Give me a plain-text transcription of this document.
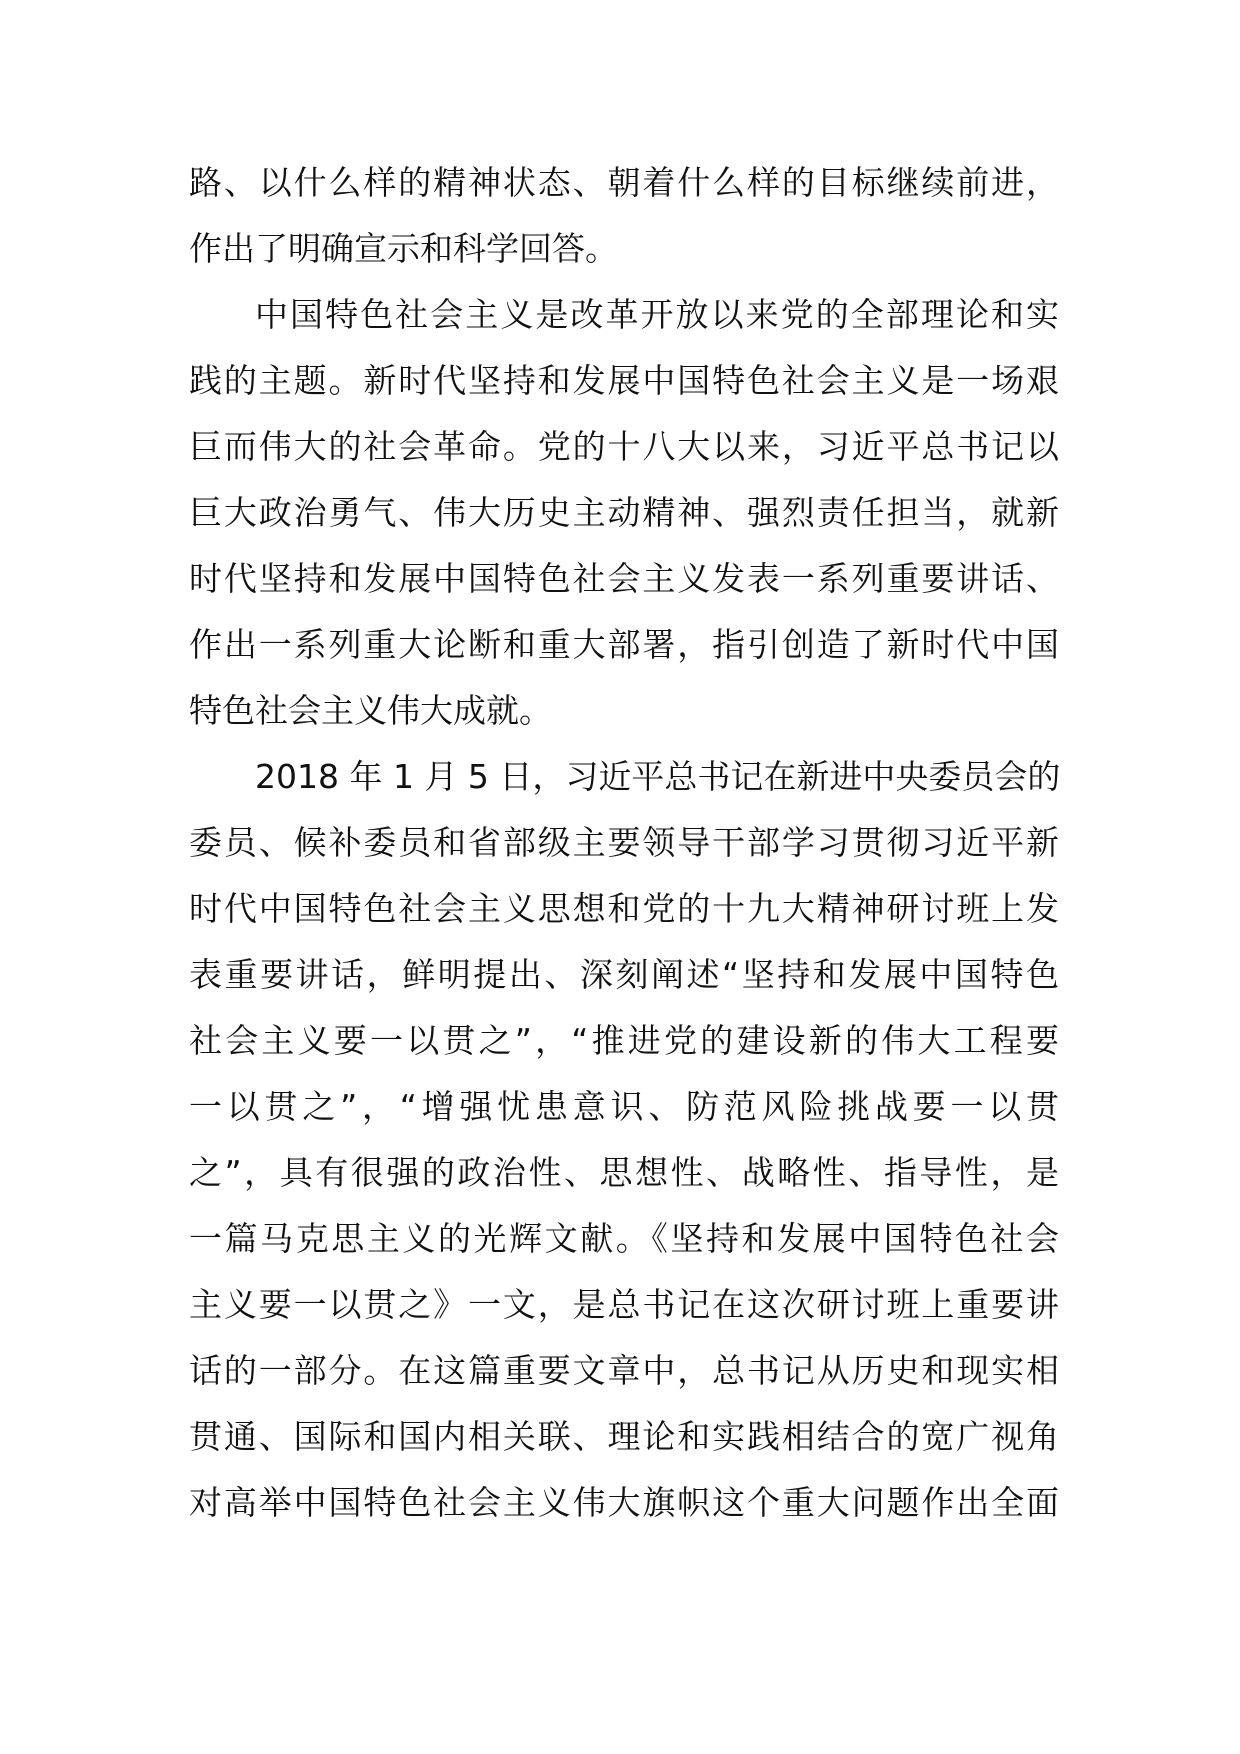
路、以什么样的精神状态、朝着什么样的目标继续前进，
作出了明确宣示和科学回答。
中国特色社会主义是改革开放以来党的全部理论和实
践的主题。新时代坚持和发展中国特色社会主义是一场艰
巨而伟大的社会革命。党的十八大以来，习近平总书记以
巨大政治勇气、伟大历史主动精神、强烈责任担当，就新
时代坚持和发展中国特色社会主义发表一系列重要讲话、
作出一系列重大论断和重大部署，指引创造了新时代中国
特色社会主义伟大成就。
2018 年 1 月 5 日，习近平总书记在新进中央委员会的
委员、候补委员和省部级主要领导干部学习贯彻习近平新
时代中国特色社会主义思想和党的十九大精神研讨班上发
表重要讲话，鲜明提出、深刻阐述“坚持和发展中国特色
社会主义要一以贯之”，“推进党的建设新的伟大工程要
一以贯之”，“增强忧患意识、防范风险挑战要一以贯
之”，具有很强的政治性、思想性、战略性、指导性，是
一篇马克思主义的光辉文献。《坚持和发展中国特色社会
主义要一以贯之》一文，是总书记在这次研讨班上重要讲
话的一部分。在这篇重要文章中，总书记从历史和现实相
贯通、国际和国内相关联、理论和实践相结合的宽广视角
对高举中国特色社会主义伟大旗帜这个重大问题作出全面
